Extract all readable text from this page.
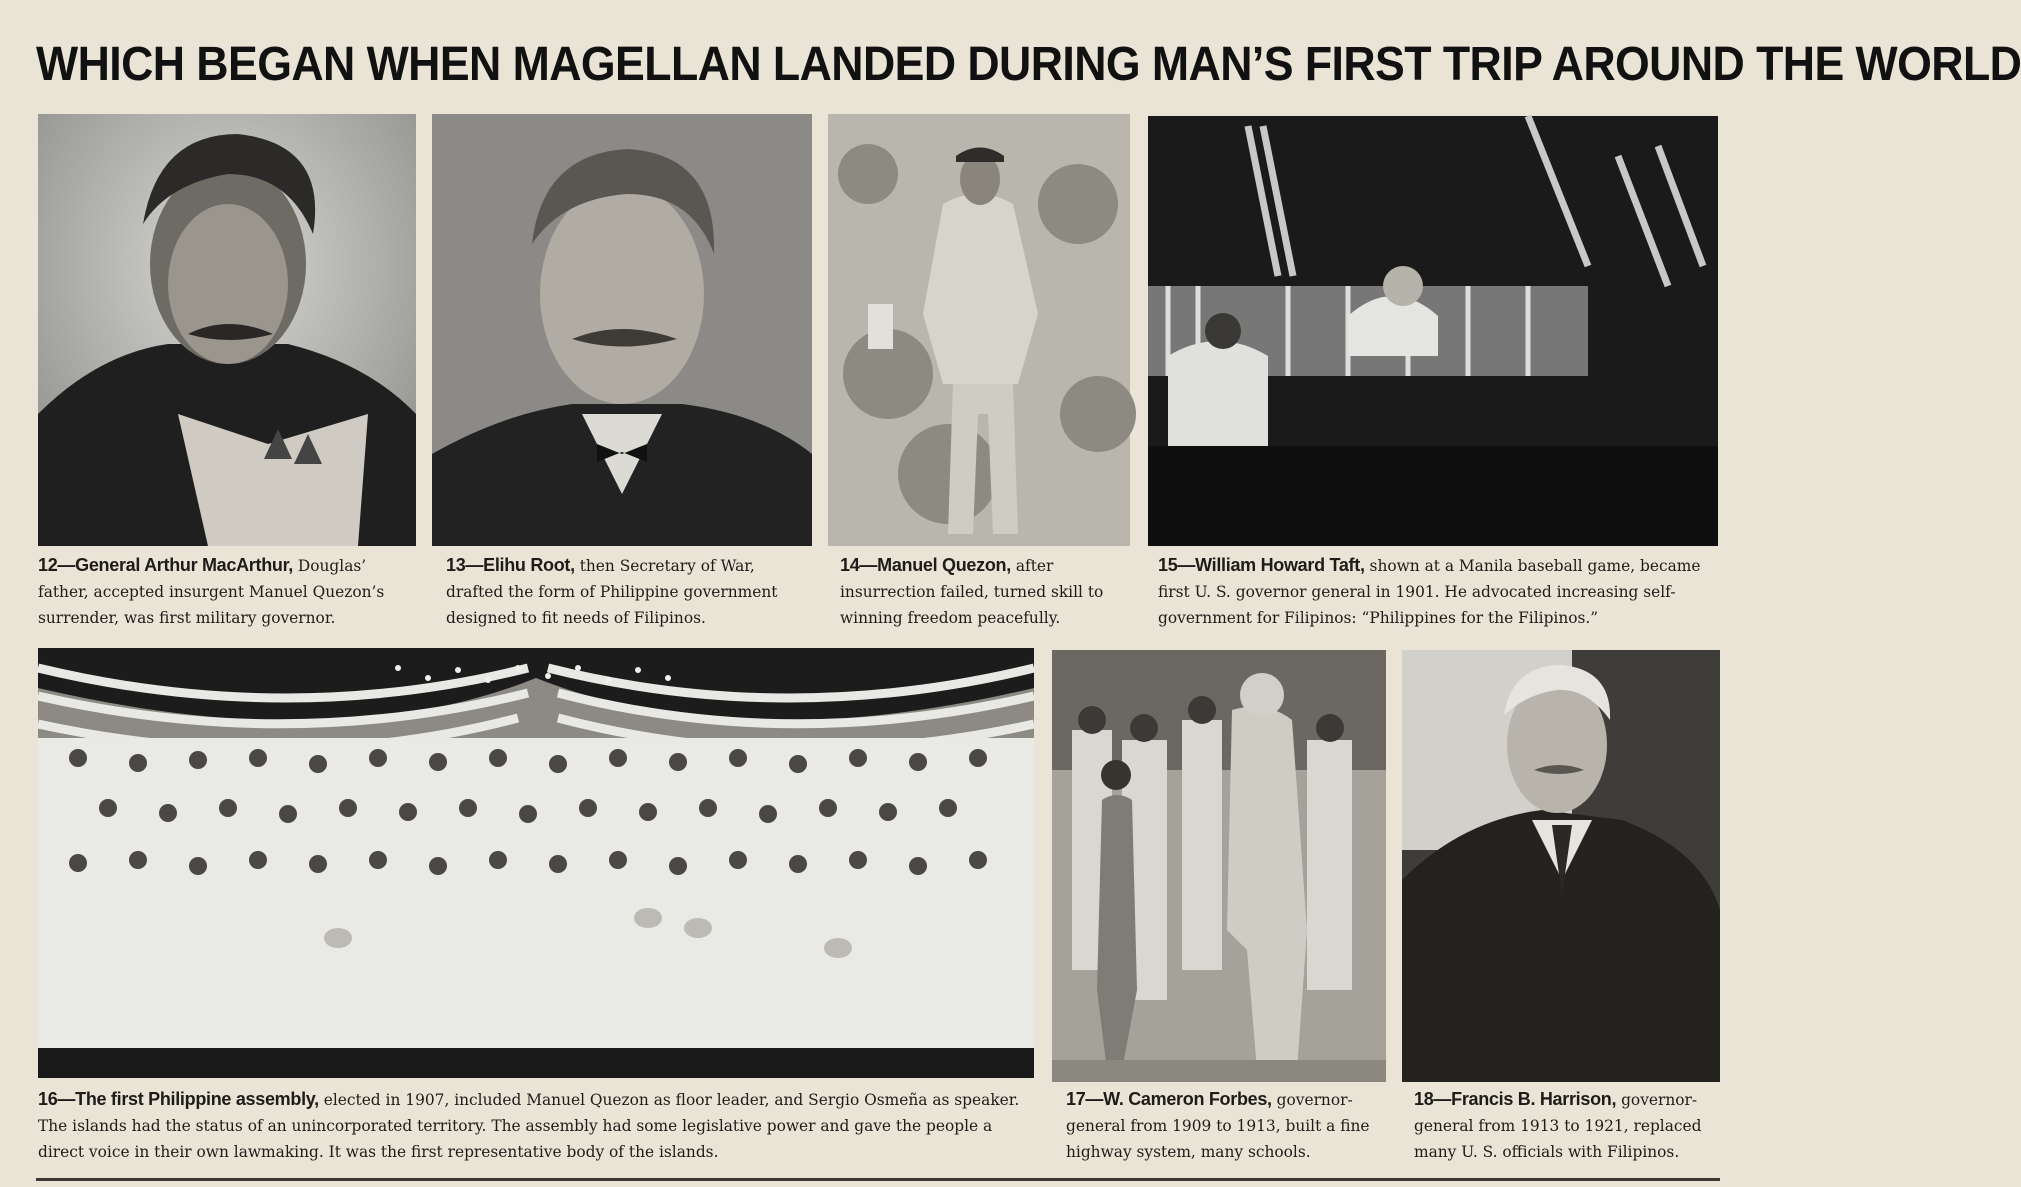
WHICH BEGAN WHEN MAGELLAN LANDED DURING MAN’S FIRST TRIP AROUND THE WORLD
12—General Arthur MacArthur, Douglas’ father, accepted insurgent Manuel Quezon’s surrender, was first military governor.
13—Elihu Root, then Secretary of War, drafted the form of Philippine government designed to fit needs of Filipinos.
14—Manuel Quezon, after insurrection failed, turned skill to winning freedom peacefully.
15—William Howard Taft, shown at a Manila baseball game, became first U. S. governor general in 1901. He advocated increasing self-government for Filipinos: “Philippines for the Filipinos.”
16—The first Philippine assembly, elected in 1907, included Manuel Quezon as floor leader, and Sergio Osmeña as speaker. The islands had the status of an unincorporated territory. The assembly had some legislative power and gave the people a direct voice in their own lawmaking. It was the first representative body of the islands.
17—W. Cameron Forbes, governor-general from 1909 to 1913, built a fine highway system, many schools.
18—Francis B. Harrison, governor-general from 1913 to 1921, replaced many U. S. officials with Filipinos.
